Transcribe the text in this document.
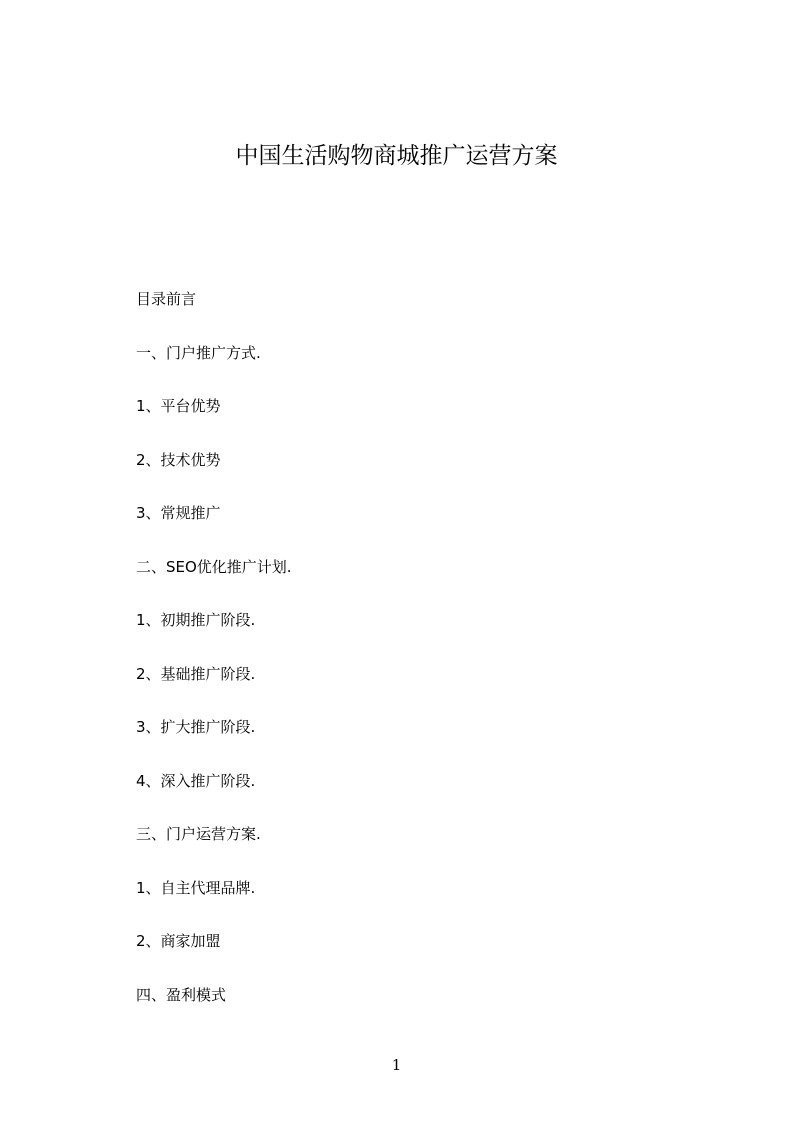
中国生活购物商城推广运营方案
目录前言
一、门户推广方式.
1、平台优势
2、技术优势
3、常规推广
二、SEO优化推广计划.
1、初期推广阶段.
2、基础推广阶段.
3、扩大推广阶段.
4、深入推广阶段.
三、门户运营方案.
1、自主代理品牌.
2、商家加盟
四、盈利模式
1
